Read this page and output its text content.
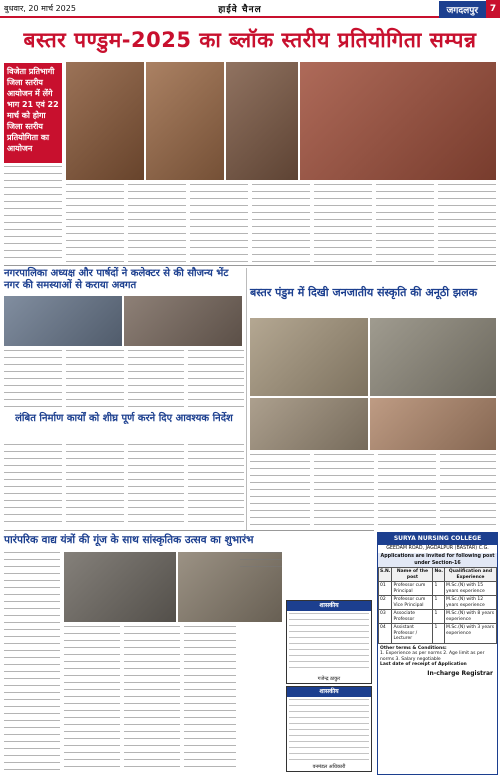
बुधवार, 20 मार्च 2025	हाईवे चैनल	जगदलपुर	7
बस्तर पण्डुम-2025 का ब्लॉक स्तरीय प्रतियोगिता सम्पन्न
विजेता प्रतिभागी जिला स्तरीय आयोजन में लेंगे भाग 21 एवं 22 मार्च को होगा जिला स्तरीय प्रतियोगिता का आयोजन
नगरपालिका अध्यक्ष और पार्षदों ने कलेक्टर से की सौजन्य भेंट नगर की समस्याओं से कराया अवगत
बस्तर पंडुम में दिखी जनजातीय संस्कृति की अनूठी झलक
लंबित निर्माण कार्यों को शीघ्र पूर्ण करने दिए आवश्यक निर्देश
पारंपरिक वाद्य यंत्रों की गूंज के साथ सांस्कृतिक उत्सव का शुभारंभ
शासकीय
गजेन्द्र ठाकुर
शासकीय
वनमंडल अधिकारी
SURYA NURSING COLLEGE
GEEDAM ROAD, JAGDALPUR (BASTAR) C.G.
Applications are invited for following post under Section-16
S.N.	Name of the post	No.	Qualification and Experience
01	Professor cum Principal	1	M.Sc.(N) with 15 years experience
02	Professor cum Vice Principal	1	M.Sc.(N) with 12 years experience
03	Associate Professor	1	M.Sc.(N) with 8 years experience
04	Assistant Professor / Lecturer	1	M.Sc.(N) with 3 years experience
Other terms & Conditions:
1. Experience as per norms 2. Age limit as per norms 3. Salary negotiable
Last date of receipt of Application
In-charge Registrar
